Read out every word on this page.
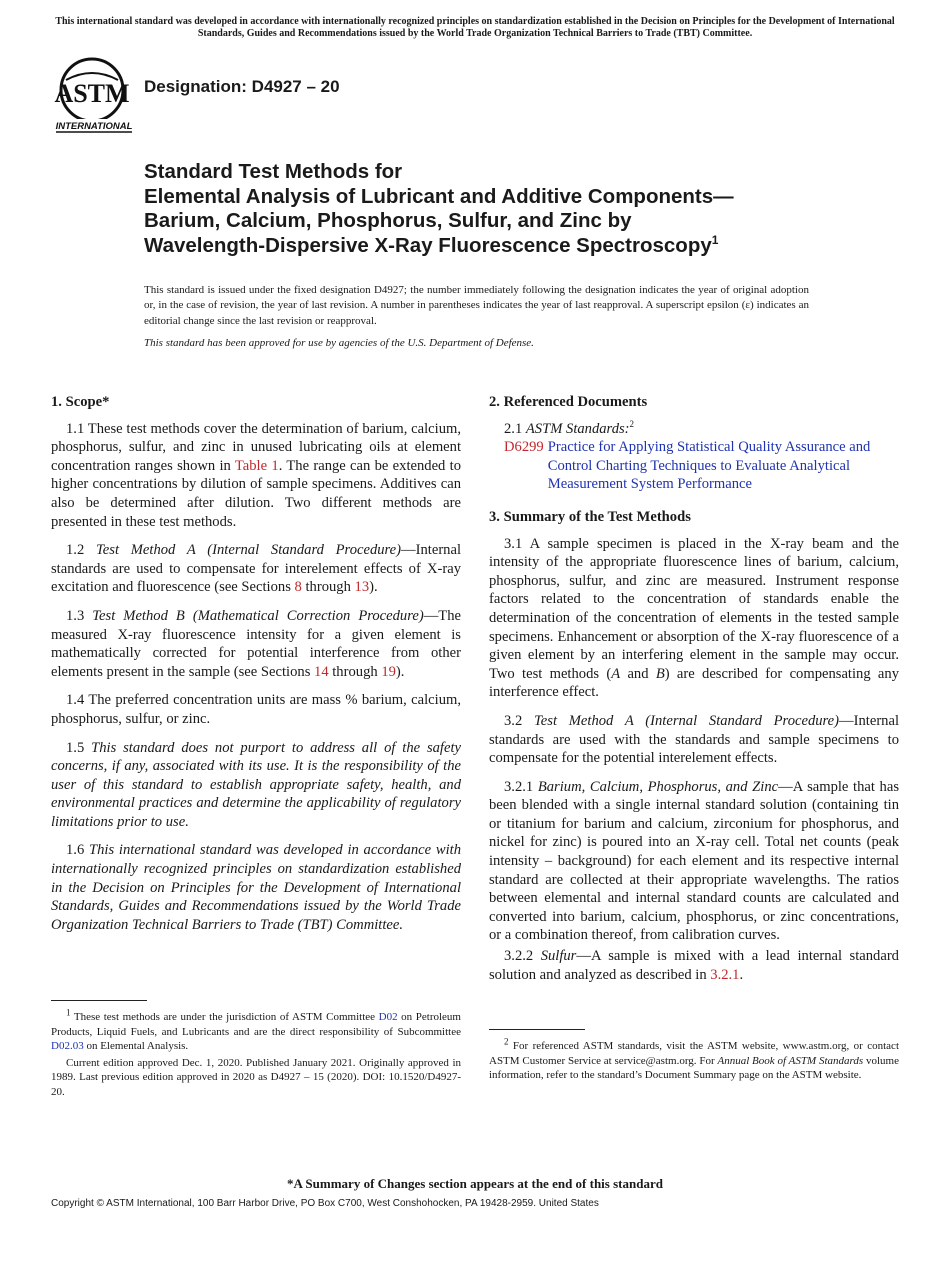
This international standard was developed in accordance with internationally recognized principles on standardization established in the Decision on Principles for the Development of International Standards, Guides and Recommendations issued by the World Trade Organization Technical Barriers to Trade (TBT) Committee.
ASTM
INTERNATIONAL
Designation: D4927 – 20
Standard Test Methods for
Elemental Analysis of Lubricant and Additive Components—
Barium, Calcium, Phosphorus, Sulfur, and Zinc by
Wavelength-Dispersive X-Ray Fluorescence Spectroscopy$^1$
This standard is issued under the fixed designation D4927; the number immediately following the designation indicates the year of original adoption or, in the case of revision, the year of last revision. A number in parentheses indicates the year of last reapproval. A superscript epsilon (ε) indicates an editorial change since the last revision or reapproval.
This standard has been approved for use by agencies of the U.S. Department of Defense.
1. Scope*

1.1 These test methods cover the determination of barium, calcium, phosphorus, sulfur, and zinc in unused lubricating oils at element concentration ranges shown in Table 1. The range can be extended to higher concentrations by dilution of sample specimens. Additives can also be determined after dilution. Two different methods are presented in these test methods.

1.2 Test Method A (Internal Standard Procedure)—Internal standards are used to compensate for interelement effects of X-ray excitation and fluorescence (see Sections 8 through 13).

1.3 Test Method B (Mathematical Correction Procedure)—The measured X-ray fluorescence intensity for a given element is mathematically corrected for potential interference from other elements present in the sample (see Sections 14 through 19).

1.4 The preferred concentration units are mass % barium, calcium, phosphorus, sulfur, or zinc.

1.5 This standard does not purport to address all of the safety concerns, if any, associated with its use. It is the responsibility of the user of this standard to establish appropriate safety, health, and environmental practices and determine the applicability of regulatory limitations prior to use.

1.6 This international standard was developed in accordance with internationally recognized principles on standardization established in the Decision on Principles for the Development of International Standards, Guides and Recommendations issued by the World Trade Organization Technical Barriers to Trade (TBT) Committee.

2. Referenced Documents

2.1 ASTM Standards:$^2$

D6299 Practice for Applying Statistical Quality Assurance and Control Charting Techniques to Evaluate Analytical Measurement System Performance
3. Summary of the Test Methods

3.1 A sample specimen is placed in the X-ray beam and the intensity of the appropriate fluorescence lines of barium, calcium, phosphorus, sulfur, and zinc are measured. Instrument response factors related to the concentration of standards enable the determination of the concentration of elements in the tested sample specimens. Enhancement or absorption of the X-ray fluorescence of a given element by an interfering element in the sample may occur. Two test methods (A and B) are described for compensating any interference effect.

3.2 Test Method A (Internal Standard Procedure)—Internal standards are used with the standards and sample specimens to compensate for the potential interelement effects.

3.2.1 Barium, Calcium, Phosphorus, and Zinc—A sample that has been blended with a single internal standard solution (containing tin or titanium for barium and calcium, zirconium for phosphorus, and nickel for zinc) is poured into an X-ray cell. Total net counts (peak intensity – background) for each element and its respective internal standard are collected at their appropriate wavelengths. The ratios between elemental and internal standard counts are calculated and converted into barium, calcium, phosphorus, or zinc concentrations, or a combination thereof, from calibration curves.

3.2.2 Sulfur—A sample is mixed with a lead internal standard solution and analyzed as described in 3.2.1.

$^1$ These test methods are under the jurisdiction of ASTM Committee D02 on Petroleum Products, Liquid Fuels, and Lubricants and are the direct responsibility of Subcommittee D02.03 on Elemental Analysis.

Current edition approved Dec. 1, 2020. Published January 2021. Originally approved in 1989. Last previous edition approved in 2020 as D4927 – 15 (2020). DOI: 10.1520/D4927-20.

$^2$ For referenced ASTM standards, visit the ASTM website, www.astm.org, or contact ASTM Customer Service at service@astm.org. For Annual Book of ASTM Standards volume information, refer to the standard’s Document Summary page on the ASTM website.

*A Summary of Changes section appears at the end of this standard
Copyright © ASTM International, 100 Barr Harbor Drive, PO Box C700, West Conshohocken, PA 19428-2959. United States
